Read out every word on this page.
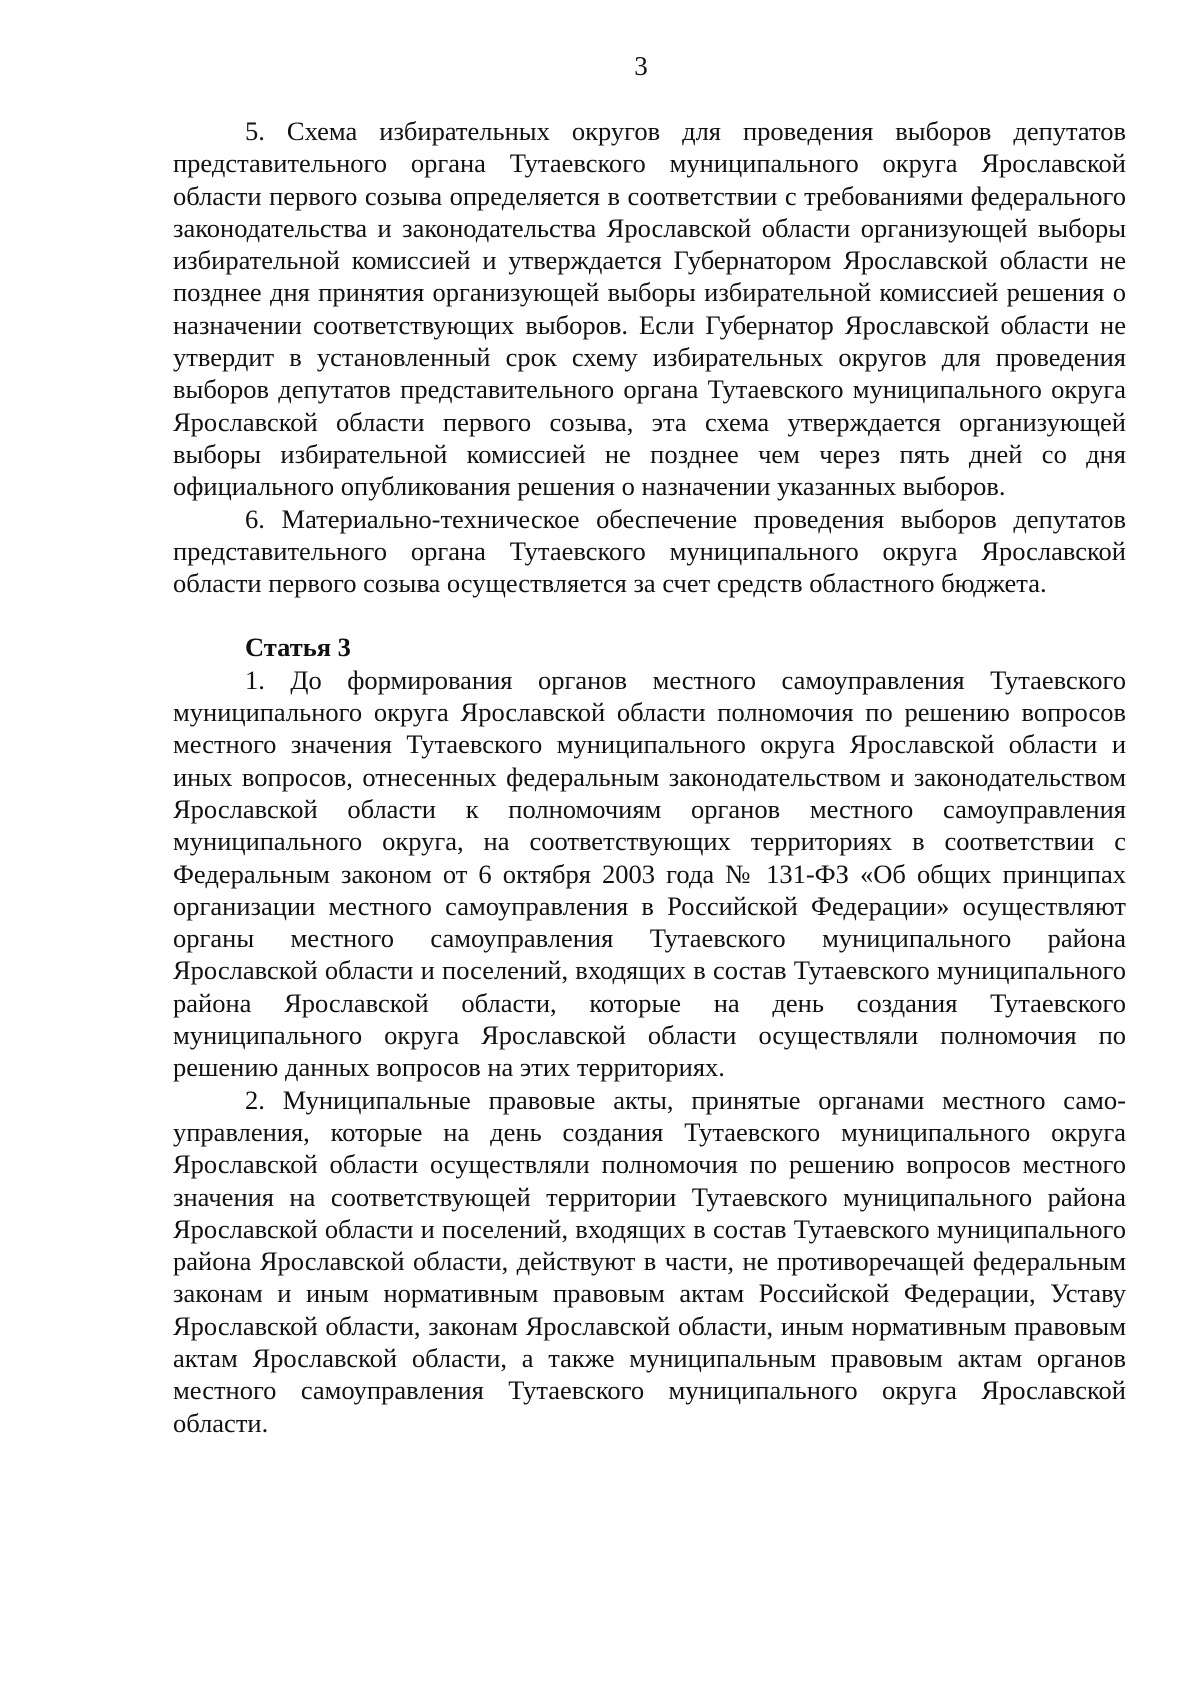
3

5. Схема избирательных округов для проведения выборов депутатов представительного органа Тутаевского муниципального округа Ярославской области первого созыва определяется в соответствии с требованиями федерального законодательства и законодательства Ярославской области организующей выборы избирательной комиссией и утверждается Губернатором Ярославской области не позднее дня принятия организующей выборы избирательной комиссией решения о назначении соответствующих выборов. Если Губернатор Ярославской области не утвердит в установленный срок схему избирательных округов для проведения выборов депутатов представительного органа Тутаевского муниципального округа Ярославской области первого созыва, эта схема утверждается организующей выборы избирательной комиссией не позднее чем через пять дней со дня официального опубликования решения о назначении указанных выборов.

6. Материально-техническое обеспечение проведения выборов депутатов представительного органа Тутаевского муниципального округа Ярославской области первого созыва осуществляется за счет средств областного бюджета.

Статья 3

1. До формирования органов местного самоуправления Тутаевского муниципального округа Ярославской области полномочия по решению вопросов местного значения Тутаевского муниципального округа Ярославской области и иных вопросов, отнесенных федеральным законодательством и законодательством Ярославской области к полномочиям органов местного самоуправления муниципального округа, на соответствующих территориях в соответствии с Федеральным законом от 6 октября 2003 года № 131-ФЗ «Об общих принципах организации местного самоуправления в Российской Федерации» осуществляют органы местного самоуправления Тутаевского муниципального района Ярославской области и поселений, входящих в состав Тутаевского муниципального района Ярославской области, которые на день создания Тутаевского муниципального округа Ярославской области осуществляли полномочия по решению данных вопросов на этих территориях.

2. Муниципальные правовые акты, принятые органами местного самоуправления, которые на день создания Тутаевского муниципального округа Ярославской области осуществляли полномочия по решению вопросов местного значения на соответствующей территории Тутаевского муниципального района Ярославской области и поселений, входящих в состав Тутаевского муниципального района Ярославской области, действуют в части, не противоречащей федеральным законам и иным нормативным правовым актам Российской Федерации, Уставу Ярославской области, законам Ярославской области, иным нормативным правовым актам Ярославской области, а также муниципальным правовым актам органов местного самоуправления Тутаевского муниципального округа Ярославской области.
